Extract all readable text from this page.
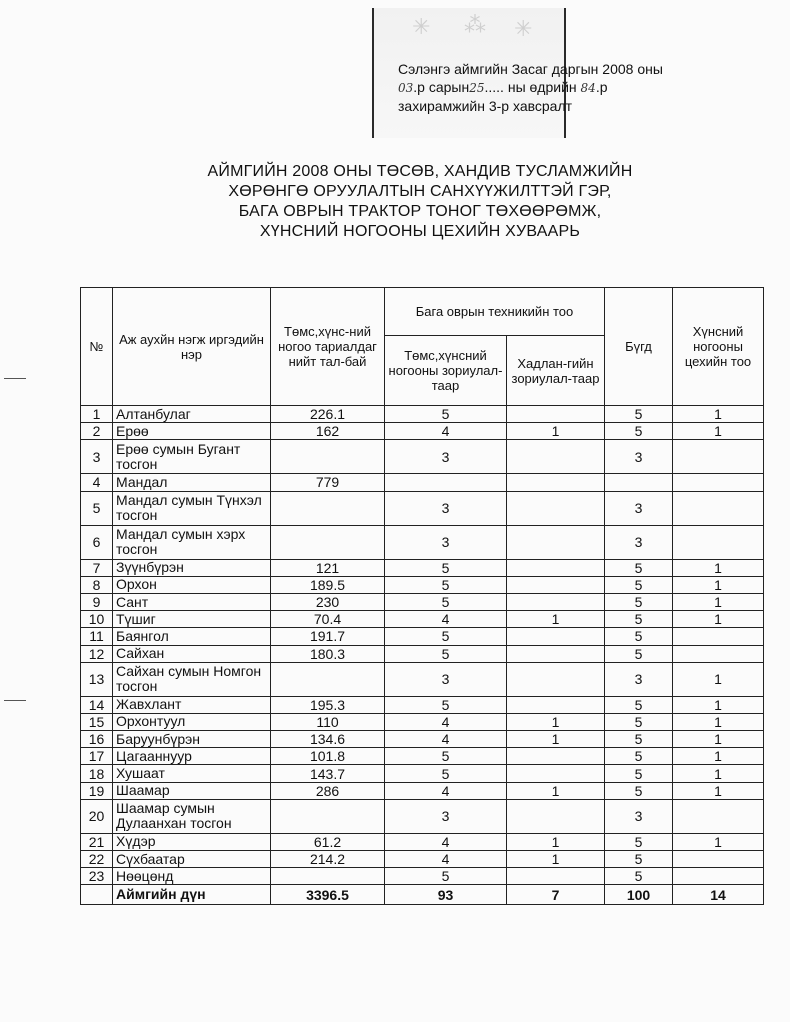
✳ ⁂ ✳
Сэлэнгэ аймгийн Засаг даргын 2008 оны
03.р сарын25..... ны өдрийн 84.р
захирамжийн 3-р хавсралт
АЙМГИЙН 2008 ОНЫ ТӨСӨВ, ХАНДИВ ТУСЛАМЖИЙН
ХӨРӨНГӨ ОРУУЛАЛТЫН САНХҮҮЖИЛТТЭЙ ГЭР,
БАГА ОВРЫН ТРАКТОР ТОНОГ ТӨХӨӨРӨМЖ,
ХҮНСНИЙ НОГООНЫ ЦЕХИЙН ХУВААРЬ
№	Аж аухйн нэгж иргэдийн нэр	Төмс,хүнс-ний ногоо тариалдаг нийт тал-бай	Бага оврын техникийн тоо		Бүгд	Хүнсний ногооны цехийн тоо
			Төмс,хүнсний ногооны зориулал-таар	Хадлан-гийн зориулал-таар		
1	Алтанбулаг	226.1	5		5	1
2	Ерөө	162	4	1	5	1
3	Ерөө сумын Бугант тосгон		3		3	
4	Мандал	779				
5	Мандал сумын Түнхэл тосгон		3		3	
6	Мандал сумын хэрх тосгон		3		3	
7	Зүүнбүрэн	121	5		5	1
8	Орхон	189.5	5		5	1
9	Сант	230	5		5	1
10	Түшиг	70.4	4	1	5	1
11	Баянгол	191.7	5		5	
12	Сайхан	180.3	5		5	
13	Сайхан сумын Номгон тосгон		3		3	1
14	Жавхлант	195.3	5		5	1
15	Орхонтуул	110	4	1	5	1
16	Баруунбүрэн	134.6	4	1	5	1
17	Цагааннуур	101.8	5		5	1
18	Хушаат	143.7	5		5	1
19	Шаамар	286	4	1	5	1
20	Шаамар сумын Дулаанхан тосгон		3		3	
21	Хүдэр	61.2	4	1	5	1
22	Сүхбаатар	214.2	4	1	5	
23	Нөөцөнд		5		5	
	Аймгийн дүн	3396.5	93	7	100	14
